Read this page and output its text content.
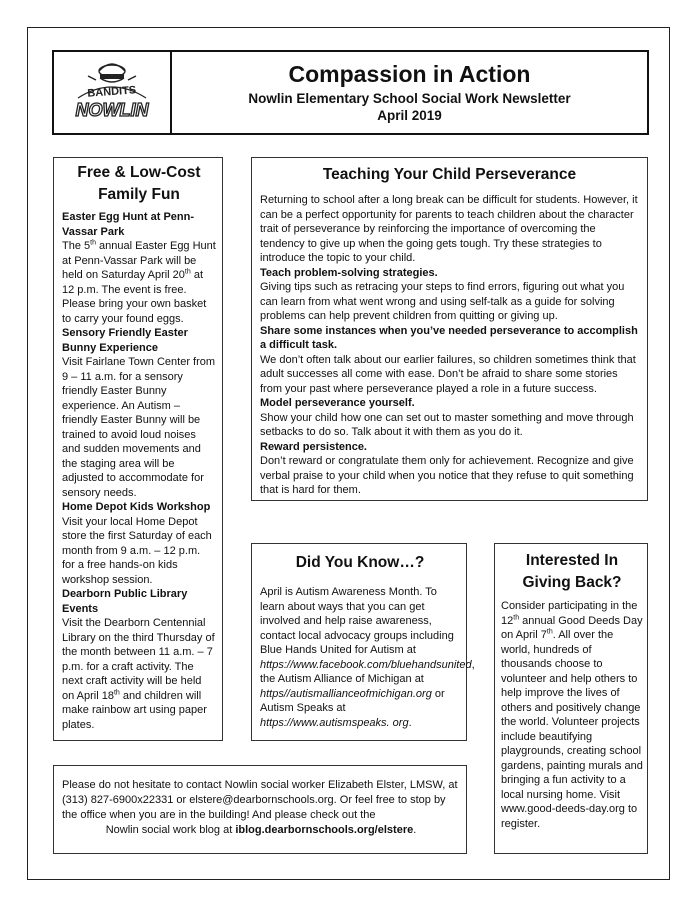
BANDITS
NOWLIN
Compassion in Action
Nowlin Elementary School Social Work Newsletter
April 2019
Free & Low-Cost Family Fun

Easter Egg Hunt at Penn-Vassar Park

The 5th annual Easter Egg Hunt at Penn-Vassar Park will be held on Saturday April 20th at 12 p.m. The event is free. Please bring your own basket to carry your found eggs.

Sensory Friendly Easter Bunny Experience

Visit Fairlane Town Center from 9 – 11 a.m. for a sensory friendly Easter Bunny experience. An Autism – friendly Easter Bunny will be trained to avoid loud noises and sudden movements and the staging area will be adjusted to accommodate for sensory needs.

Home Depot Kids Workshop

Visit your local Home Depot store the first Saturday of each month from 9 a.m. – 12 p.m. for a free hands-on kids workshop session.

Dearborn Public Library Events

Visit the Dearborn Centennial Library on the third Thursday of the month between 11 a.m. – 7 p.m. for a craft activity. The next craft activity will be held on April 18th and children will make rainbow art using paper plates.

Teaching Your Child Perseverance

Returning to school after a long break can be difficult for students. However, it can be a perfect opportunity for parents to teach children about the character trait of perseverance by reinforcing the importance of overcoming the tendency to give up when the going gets tough. Try these strategies to introduce the topic to your child.

Teach problem-solving strategies.

Giving tips such as retracing your steps to find errors, figuring out what you can learn from what went wrong and using self-talk as a guide for solving problems can help prevent children from quitting or giving up.

Share some instances when you’ve needed perseverance to accomplish a difficult task.

We don’t often talk about our earlier failures, so children sometimes think that adult successes all come with ease. Don’t be afraid to share some stories from your past where perseverance played a role in a future success.

Model perseverance yourself.

Show your child how one can set out to master something and move through setbacks to do so. Talk about it with them as you do it.

Reward persistence.

Don’t reward or congratulate them only for achievement. Recognize and give verbal praise to your child when you notice that they refuse to quit something that is hard for them.

Did You Know…?

April is Autism Awareness Month. To learn about ways that you can get involved and help raise awareness, contact local advocacy groups including Blue Hands United for Autism at https://www.facebook.com/bluehandsunited, the Autism Alliance of Michigan at https//autismallianceofmichigan.org or Autism Speaks at https://www.autismspeaks. org.

Interested In Giving Back?

Consider participating in the 12th annual Good Deeds Day on April 7th. All over the world, hundreds of thousands choose to volunteer and help others to help improve the lives of others and positively change the world. Volunteer projects include beautifying playgrounds, creating school gardens, painting murals and bringing a fun activity to a local nursing home. Visit www.good-deeds-day.org to register.

Please do not hesitate to contact Nowlin social worker Elizabeth Elster, LMSW, at (313) 827-6900x22331 or elstere@dearbornschools.org. Or feel free to stop by the office when you are in the building! And please check out the

Nowlin social work blog at iblog.dearbornschools.org/elstere.
